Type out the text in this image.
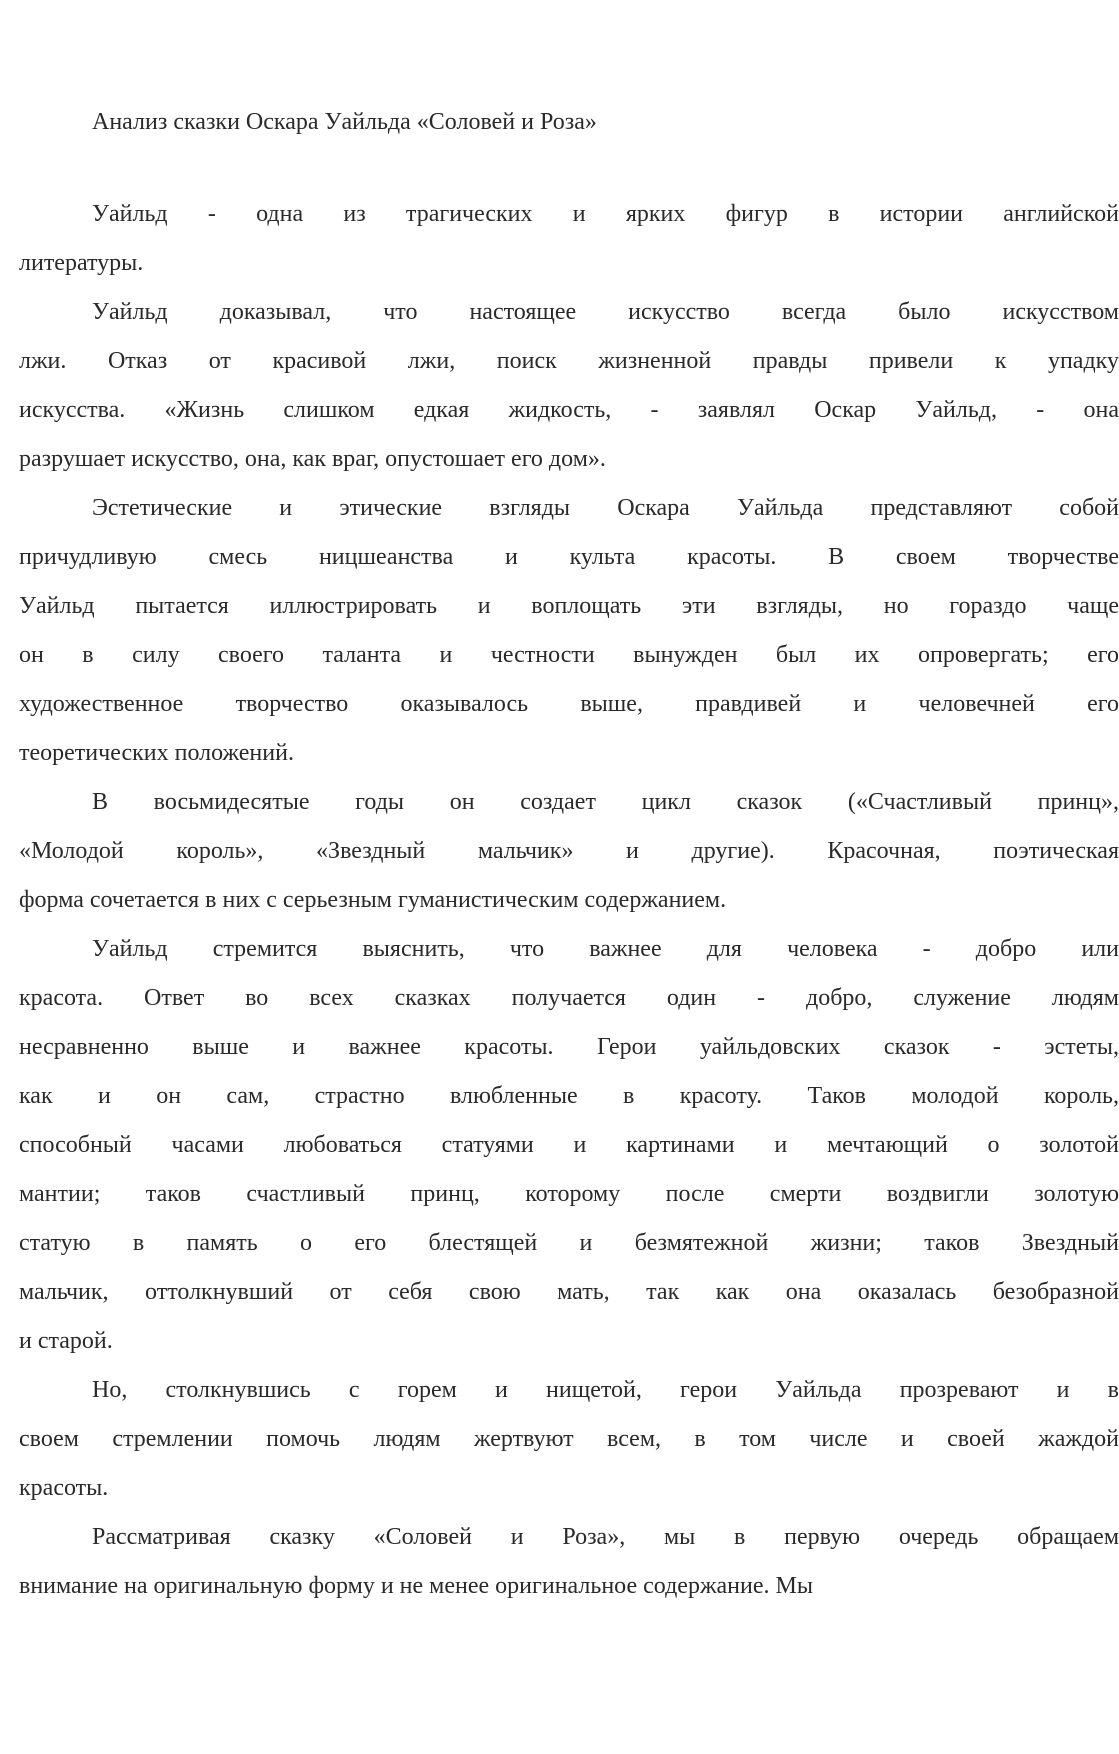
Анализ сказки Оскара Уайльда «Соловей и Роза»
Уайльд - одна из трагических и ярких фигур в истории английской
литературы.
Уайльд доказывал, что настоящее искусство всегда было искусством
лжи. Отказ от красивой лжи, поиск жизненной правды привели к упадку
искусства. «Жизнь слишком едкая жидкость, - заявлял Оскар Уайльд, - она
разрушает искусство, она, как враг, опустошает его дом».
Эстетические и этические взгляды Оскара Уайльда представляют собой
причудливую смесь ницшеанства и культа красоты. В своем творчестве
Уайльд пытается иллюстрировать и воплощать эти взгляды, но гораздо чаще
он в силу своего таланта и честности вынужден был их опровергать; его
художественное творчество оказывалось выше, правдивей и человечней его
теоретических положений.
В восьмидесятые годы он создает цикл сказок («Счастливый принц»,
«Молодой король», «Звездный мальчик» и другие). Красочная, поэтическая
форма сочетается в них с серьезным гуманистическим содержанием.
Уайльд стремится выяснить, что важнее для человека - добро или
красота. Ответ во всех сказках получается один - добро, служение людям
несравненно выше и важнее красоты. Герои уайльдовских сказок - эстеты,
как и он сам, страстно влюбленные в красоту. Таков молодой король,
способный часами любоваться статуями и картинами и мечтающий о золотой
мантии; таков счастливый принц, которому после смерти воздвигли золотую
статую в память о его блестящей и безмятежной жизни; таков Звездный
мальчик, оттолкнувший от себя свою мать, так как она оказалась безобразной
и старой.
Но, столкнувшись с горем и нищетой, герои Уайльда прозревают и в
своем стремлении помочь людям жертвуют всем, в том числе и своей жаждой
красоты.
Рассматривая сказку «Соловей и Роза», мы в первую очередь обращаем
внимание на оригинальную форму и не менее оригинальное содержание. Мы
